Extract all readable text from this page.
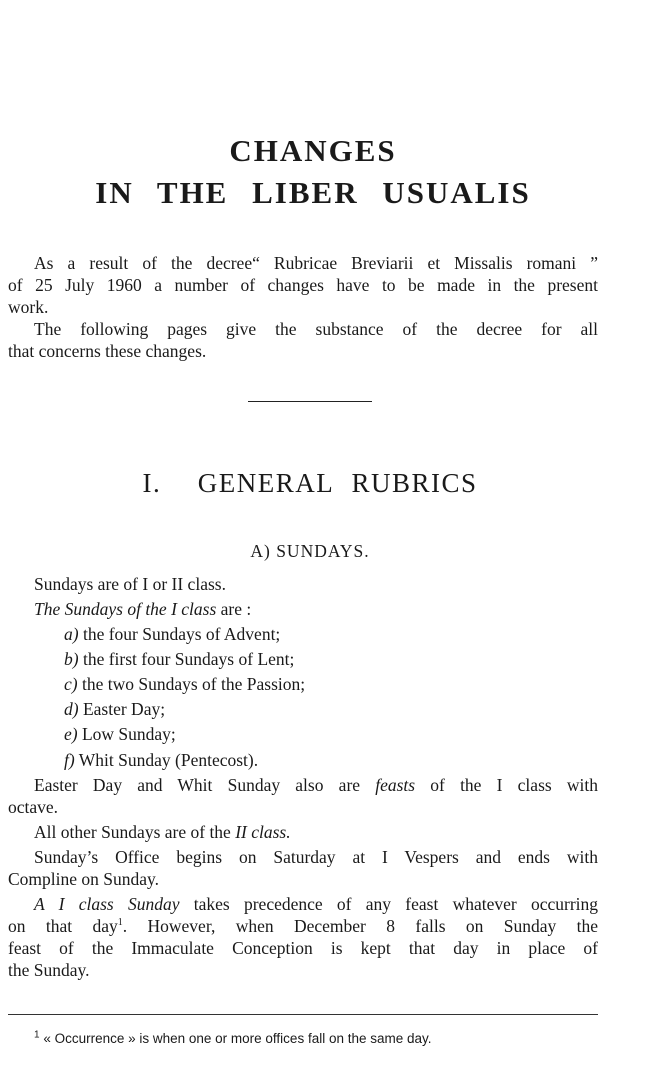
CHANGES
IN THE LIBER USUALIS
As a result of the decree“ Rubricae Breviarii et Missalis romani ”
of 25 July 1960 a number of changes have to be made in the present
work.
The following pages give the substance of the decree for all
that concerns these changes.
I.  GENERAL RUBRICS
A) SUNDAYS.
Sundays are of I or II class.
The Sundays of the I class are :
a) the four Sundays of Advent;
b) the first four Sundays of Lent;
c) the two Sundays of the Passion;
d) Easter Day;
e) Low Sunday;
f) Whit Sunday (Pentecost).
Easter Day and Whit Sunday also are feasts of the I class with
octave.
All other Sundays are of the II class.
Sunday’s Office begins on Saturday at I Vespers and ends with
Compline on Sunday.
A I class Sunday takes precedence of any feast whatever occurring
on that day$^1$. However, when December 8 falls on Sunday the
feast of the Immaculate Conception is kept that day in place of
the Sunday.
$^1$ « Occurrence » is when one or more offices fall on the same day.
